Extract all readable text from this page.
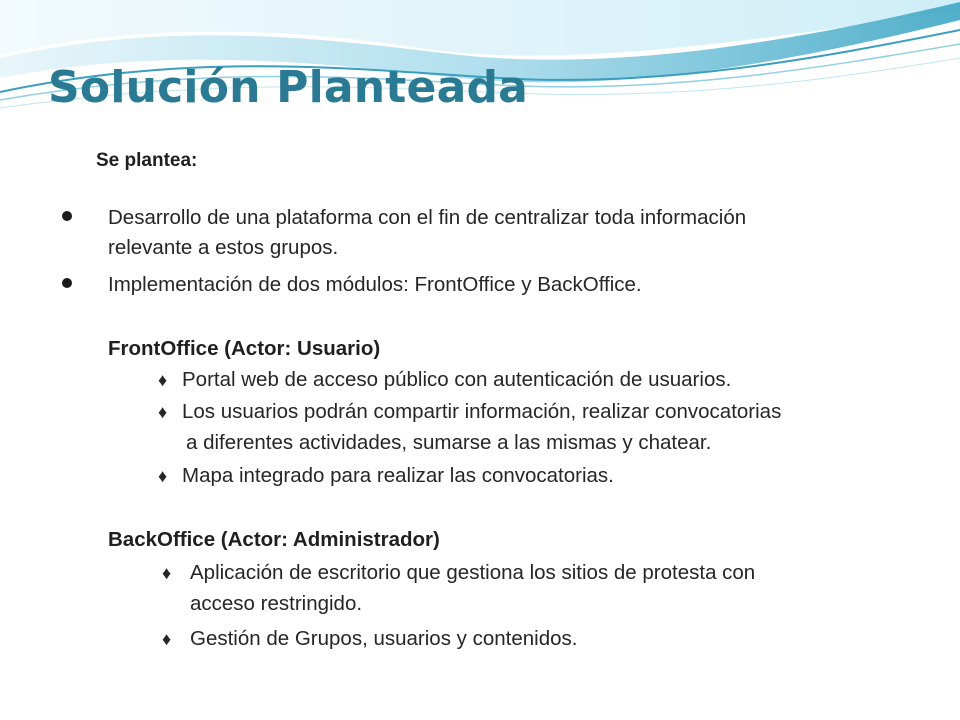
Solución Planteada
Se plantea:
Desarrollo de una plataforma con el fin de centralizar toda información
relevante a estos grupos.
Implementación de dos módulos: FrontOffice y BackOffice.
FrontOffice (Actor: Usuario)
♦ Portal web de acceso público con autenticación de usuarios.
♦ Los usuarios podrán compartir información, realizar convocatorias
a diferentes actividades, sumarse a las mismas y chatear.
♦ Mapa integrado para realizar las convocatorias.
BackOffice (Actor: Administrador)
♦ Aplicación de escritorio que gestiona los sitios de protesta con
acceso restringido.
♦ Gestión de Grupos, usuarios y contenidos.
